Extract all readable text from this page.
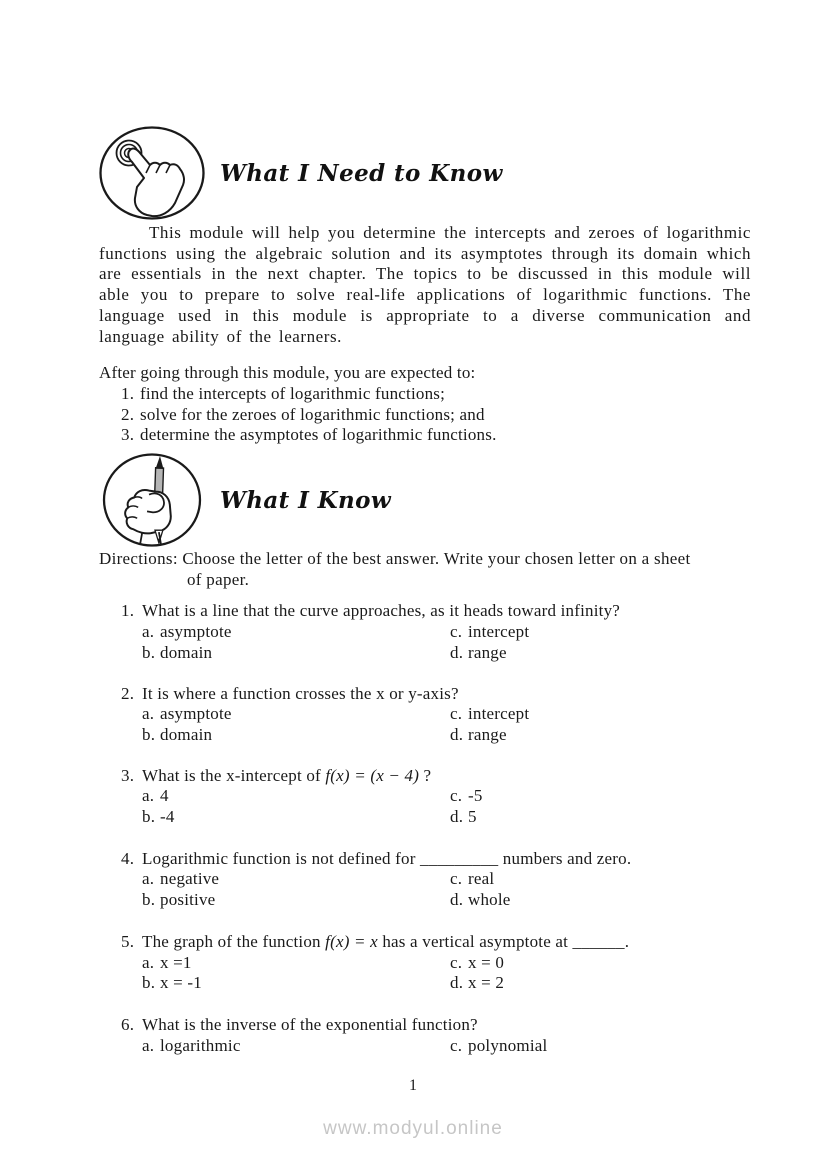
What I Need to Know

This module will help you determine the intercepts and zeroes of logarithmic functions using the algebraic solution and its asymptotes through its domain which are essentials in the next chapter. The topics to be discussed in this module will able you to prepare to solve real-life applications of logarithmic functions. The language used in this module is appropriate to a diverse communication and language ability of the learners.

After going through this module, you are expected to:

1. find the intercepts of logarithmic functions;
2. solve for the zeroes of logarithmic functions; and
3. determine the asymptotes of logarithmic functions.
What I Know
Directions: Choose the letter of the best answer. Write your chosen letter on a sheet
of paper.
1. What is a line that the curve approaches, as it heads toward infinity?
a. asymptote	c. intercept
b. domain	d. range
2. It is where a function crosses the x or y-axis?
a. asymptote	c. intercept
b. domain	d. range
3. What is the x-intercept of f(x) = (x − 4) ?
a. 4	c. -5
b. -4	d. 5
4. Logarithmic function is not defined for _________ numbers and zero.
a. negative	c. real
b. positive	d. whole
5. The graph of the function f(x) = x has a vertical asymptote at ______.
a. x =1	c. x = 0
b. x = -1	d. x = 2
6. What is the inverse of the exponential function?
a. logarithmic	c. polynomial
1
www.modyul.online
